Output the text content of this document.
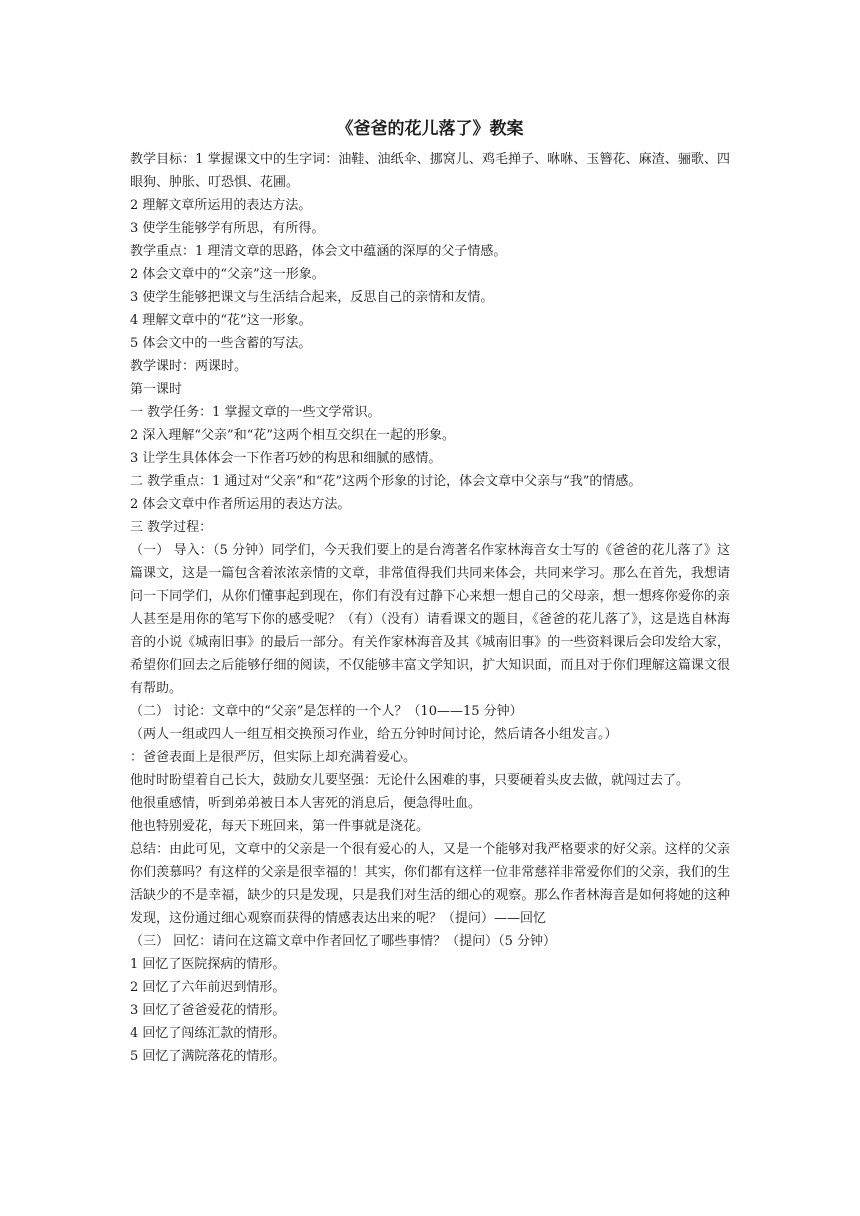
《爸爸的花儿落了》教案

教学目标：1 掌握课文中的生字词：油鞋、油纸伞、挪窝儿、鸡毛掸子、咻咻、玉簪花、麻渣、骊歌、四眼狗、肿胀、叮恐惧、花圃。

2 理解文章所运用的表达方法。

3 使学生能够学有所思，有所得。

教学重点：1 理清文章的思路，体会文中蕴涵的深厚的父子情感。

2 体会文章中的“父亲”这一形象。

3 使学生能够把课文与生活结合起来，反思自己的亲情和友情。

4 理解文章中的“花”这一形象。

5 体会文中的一些含蓄的写法。

教学课时：两课时。

第一课时

一 教学任务：1 掌握文章的一些文学常识。

2 深入理解“父亲”和“花”这两个相互交织在一起的形象。

3 让学生具体体会一下作者巧妙的构思和细腻的感情。

二 教学重点：1 通过对“父亲”和“花”这两个形象的讨论，体会文章中父亲与“我”的情感。

2 体会文章中作者所运用的表达方法。

三 教学过程：

（一） 导入：（5 分钟）同学们，今天我们要上的是台湾著名作家林海音女士写的《爸爸的花儿落了》这篇课文，这是一篇包含着浓浓亲情的文章，非常值得我们共同来体会，共同来学习。那么在首先，我想请问一下同学们，从你们懂事起到现在，你们有没有过静下心来想一想自己的父母亲，想一想疼你爱你的亲人甚至是用你的笔写下你的感受呢？（有）（没有）请看课文的题目，《爸爸的花儿落了》，这是选自林海音的小说《城南旧事》的最后一部分。有关作家林海音及其《城南旧事》的一些资料课后会印发给大家，希望你们回去之后能够仔细的阅读，不仅能够丰富文学知识，扩大知识面，而且对于你们理解这篇课文很有帮助。

（二） 讨论：文章中的“父亲”是怎样的一个人？（10——15 分钟）

（两人一组或四人一组互相交换预习作业，给五分钟时间讨论，然后请各小组发言。）

：爸爸表面上是很严厉，但实际上却充满着爱心。

他时时盼望着自己长大，鼓励女儿要坚强：无论什么困难的事，只要硬着头皮去做，就闯过去了。

他很重感情，听到弟弟被日本人害死的消息后，便急得吐血。

他也特别爱花，每天下班回来，第一件事就是浇花。

总结：由此可见，文章中的父亲是一个很有爱心的人，又是一个能够对我严格要求的好父亲。这样的父亲你们羡慕吗？有这样的父亲是很幸福的！其实，你们都有这样一位非常慈祥非常爱你们的父亲，我们的生活缺少的不是幸福，缺少的只是发现，只是我们对生活的细心的观察。那么作者林海音是如何将她的这种发现，这份通过细心观察而获得的情感表达出来的呢？（提问）——回忆

（三） 回忆：请问在这篇文章中作者回忆了哪些事情？（提问）（5 分钟）

1 回忆了医院探病的情形。

2 回忆了六年前迟到情形。

3 回忆了爸爸爱花的情形。

4 回忆了闯练汇款的情形。

5 回忆了满院落花的情形。
